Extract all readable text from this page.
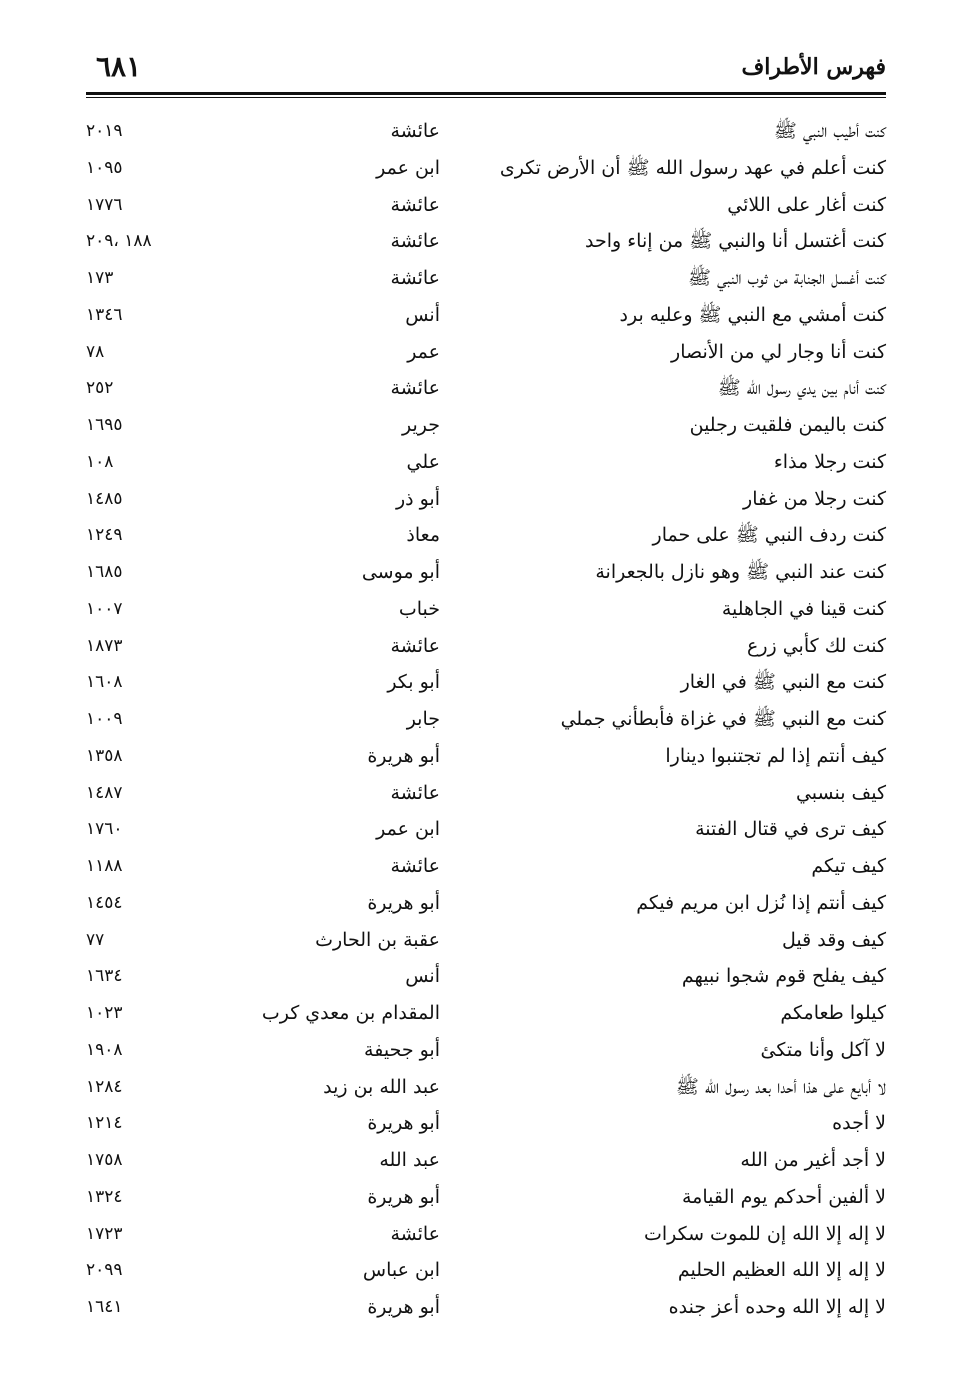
فهرس الأطراف
٦٨١
كنت أطيب النبي ﷺ
عائشة
٢٠١٩
كنت أعلم في عهد رسول الله ﷺ أن الأرض تكرى
ابن عمر
١٠٩٥
كنت أغار على اللائي
عائشة
١٧٧٦
كنت أغتسل أنا والنبي ﷺ من إناء واحد
عائشة
١٨٨ ،٢٠٩
كنت أغسل الجنابة من ثوب النبي ﷺ
عائشة
١٧٣
كنت أمشي مع النبي ﷺ وعليه برد
أنس
١٣٤٦
كنت أنا وجار لي من الأنصار
عمر
٧٨
كنت أنام بين يدي رسول الله ﷺ
عائشة
٢٥٢
كنت باليمن فلقيت رجلين
جرير
١٦٩٥
كنت رجلا مذاء
علي
١٠٨
كنت رجلا من غفار
أبو ذر
١٤٨٥
كنت ردف النبي ﷺ على حمار
معاذ
١٢٤٩
كنت عند النبي ﷺ وهو نازل بالجعرانة
أبو موسى
١٦٨٥
كنت قينا في الجاهلية
خباب
١٠٠٧
كنت لك كأبي زرع
عائشة
١٨٧٣
كنت مع النبي ﷺ في الغار
أبو بكر
١٦٠٨
كنت مع النبي ﷺ في غزاة فأبطأني جملي
جابر
١٠٠٩
كيف أنتم إذا لم تجتنبوا دينارا
أبو هريرة
١٣٥٨
كيف بنسبي
عائشة
١٤٨٧
كيف ترى في قتال الفتنة
ابن عمر
١٧٦٠
كيف تيكم
عائشة
١١٨٨
كيف أنتم إذا نُزل ابن مريم فيكم
أبو هريرة
١٤٥٤
كيف وقد قيل
عقبة بن الحارث
٧٧
كيف يفلح قوم شجوا نبيهم
أنس
١٦٣٤
كيلوا طعامكم
المقدام بن معدي كرب
١٠٢٣
لا آكل وأنا متكئ
أبو جحيفة
١٩٠٨
لا أبايع على هذا أحدا بعد رسول الله ﷺ
عبد الله بن زيد
١٢٨٤
لا أجده
أبو هريرة
١٢١٤
لا أجد أغير من الله
عبد الله
١٧٥٨
لا ألفين أحدكم يوم القيامة
أبو هريرة
١٣٢٤
لا إله إلا الله إن للموت سكرات
عائشة
١٧٢٣
لا إله إلا الله العظيم الحليم
ابن عباس
٢٠٩٩
لا إله إلا الله وحده أعز جنده
أبو هريرة
١٦٤١
